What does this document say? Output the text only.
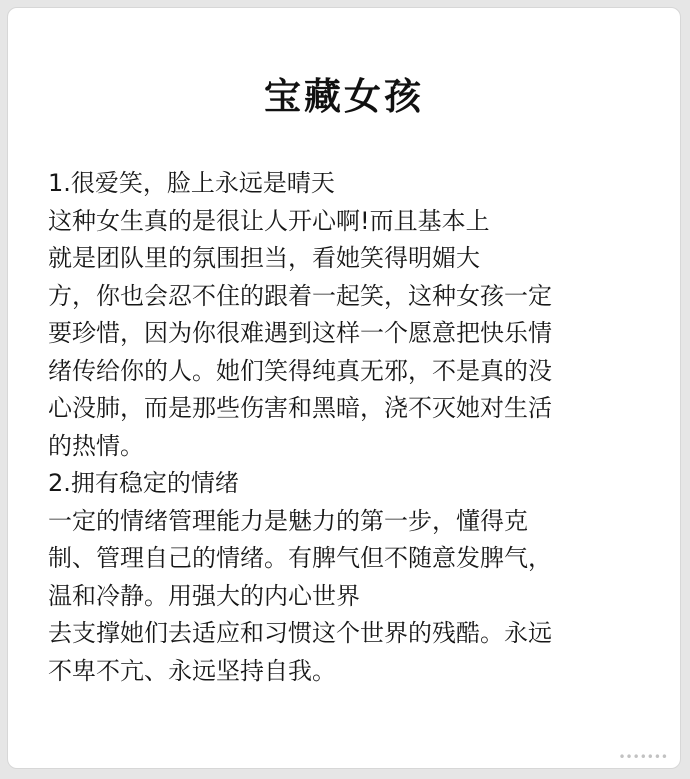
宝藏女孩
1.很爱笑，脸上永远是晴天
这种女生真的是很让人开心啊!而且基本上
就是团队里的氛围担当，看她笑得明媚大
方，你也会忍不住的跟着一起笑，这种女孩一定
要珍惜，因为你很难遇到这样一个愿意把快乐情
绪传给你的人。她们笑得纯真无邪，不是真的没
心没肺，而是那些伤害和黑暗，浇不灭她对生活
的热情。
2.拥有稳定的情绪
一定的情绪管理能力是魅力的第一步，懂得克
制、管理自己的情绪。有脾气但不随意发脾气，
温和冷静。用强大的内心世界
去支撑她们去适应和习惯这个世界的残酷。永远
不卑不亢、永远坚持自我。
•••••••
